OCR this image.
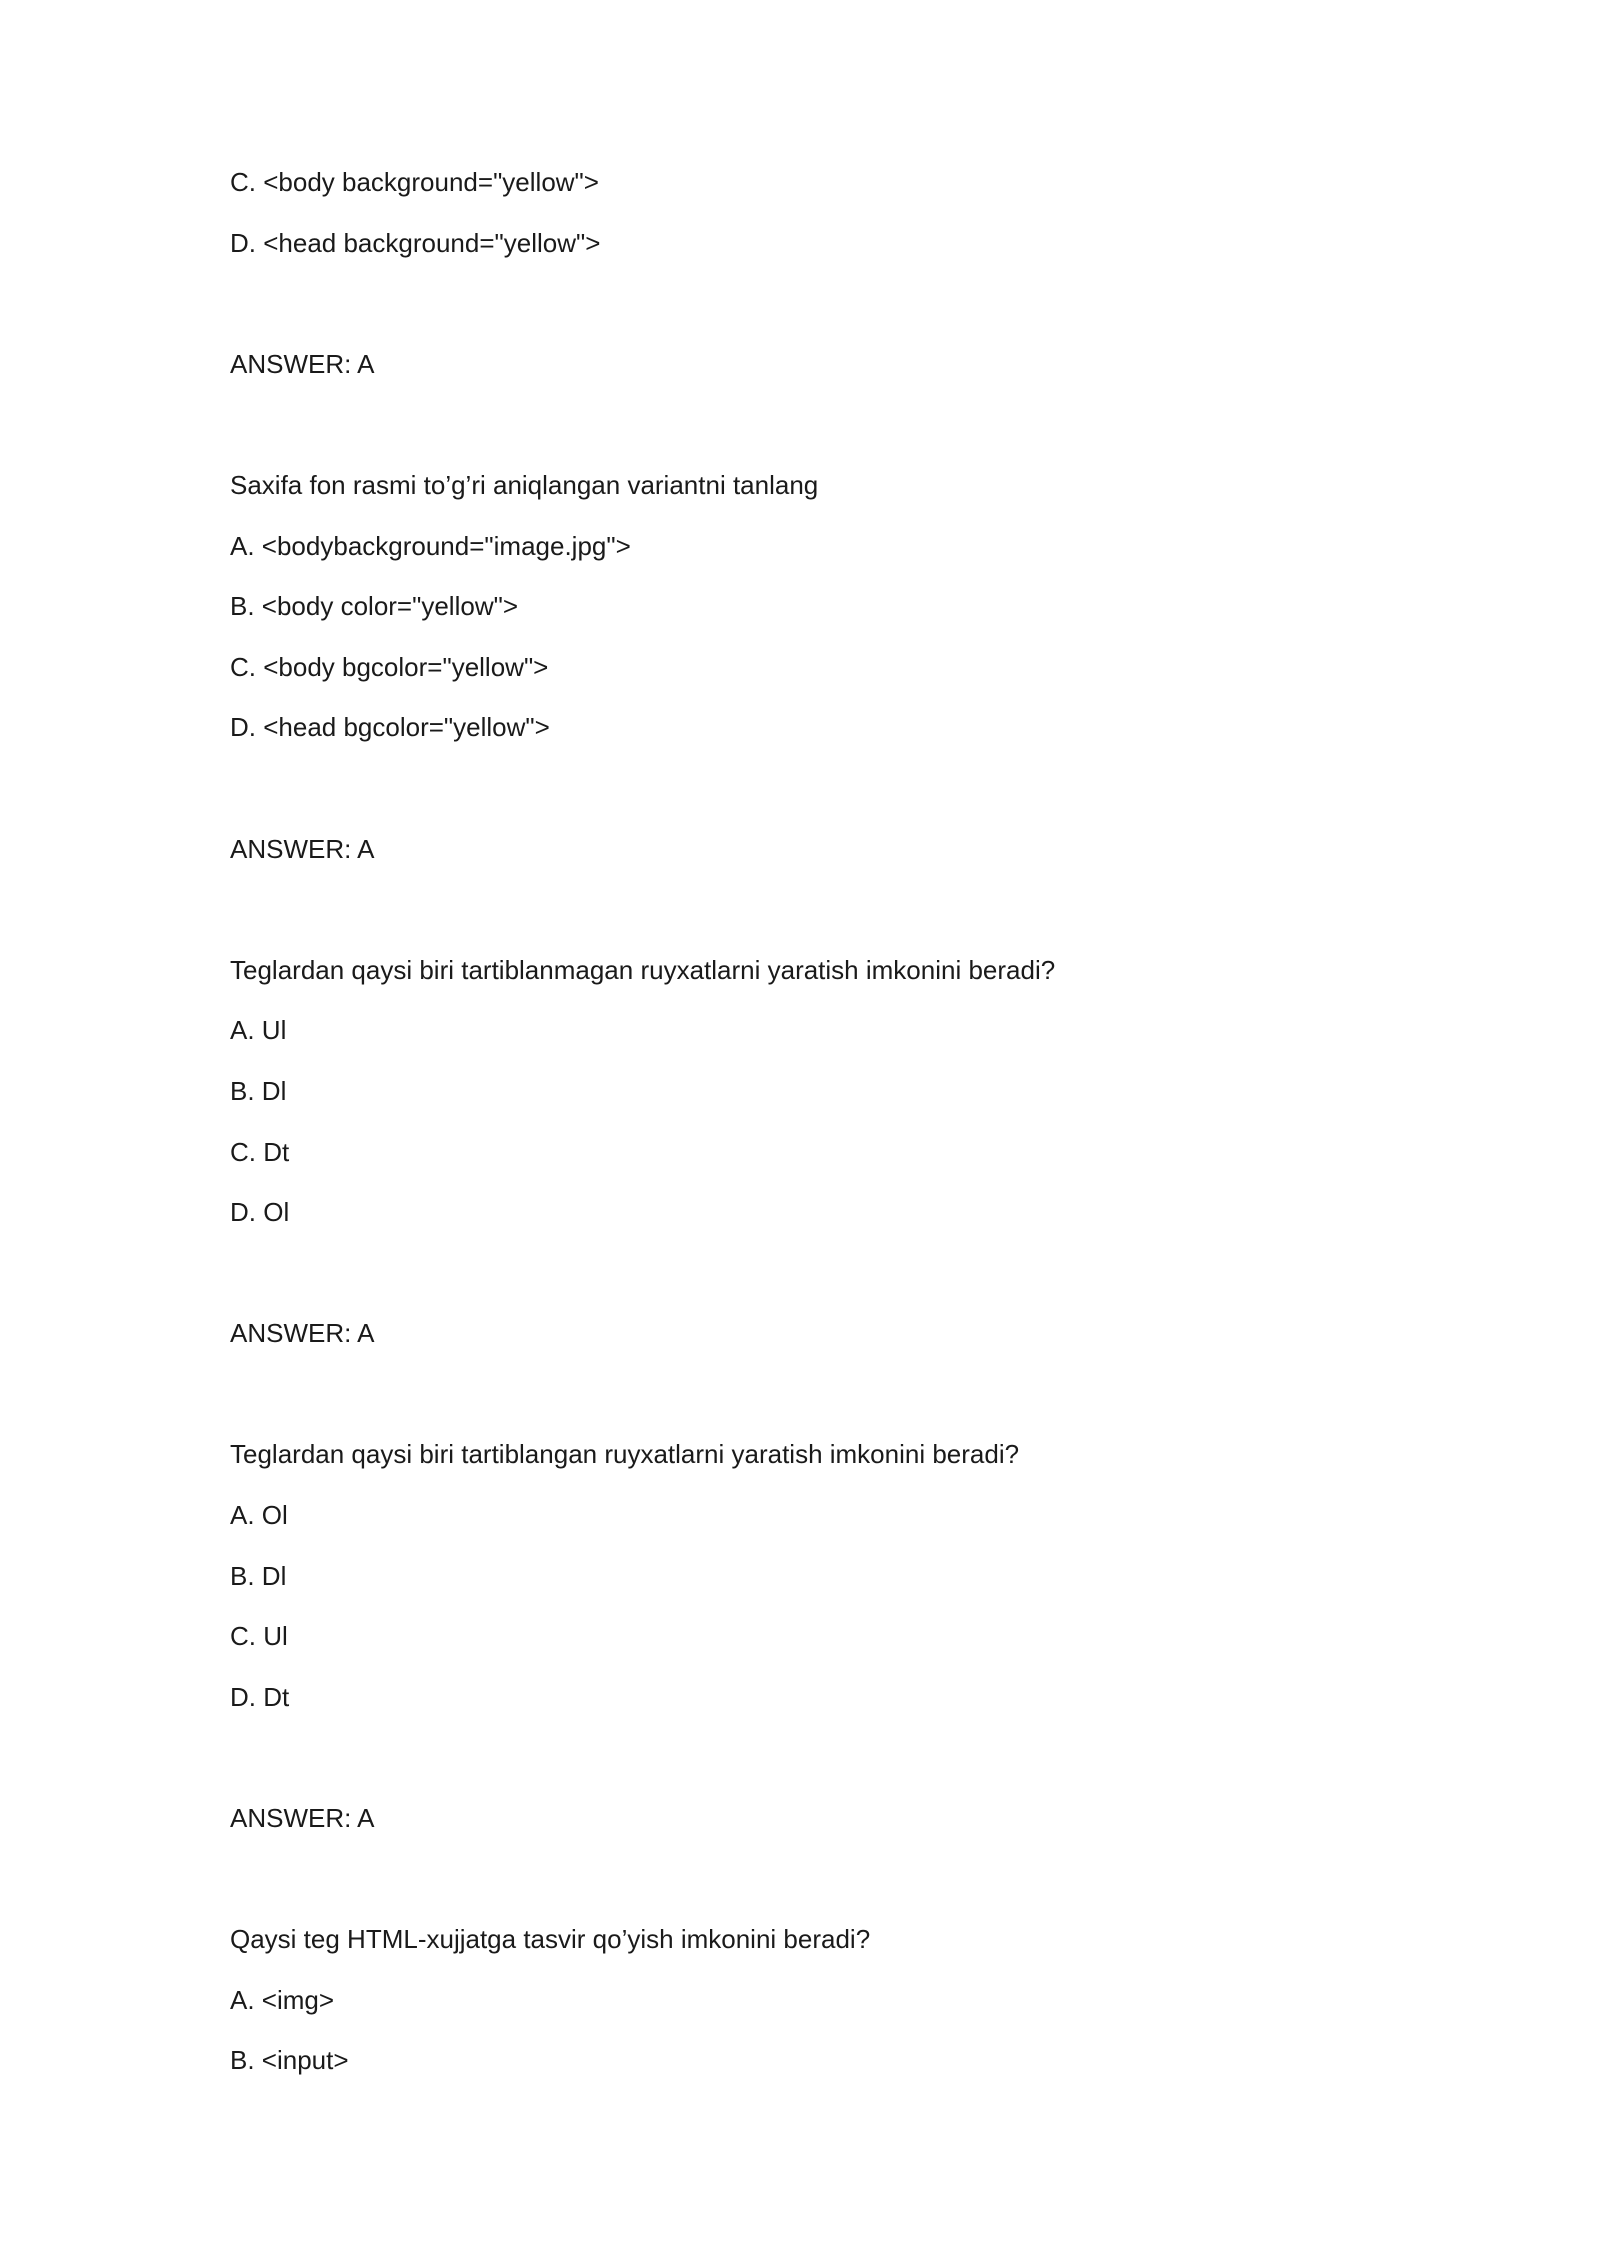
C. <body background="yellow">
D. <head background="yellow">
ANSWER: A
Saxifa fon rasmi to’g’ri aniqlangan variantni tanlang
A. <bodybackground="image.jpg">
B. <body color="yellow">
C. <body bgcolor="yellow">
D. <head bgcolor="yellow">
ANSWER: A
Teglardan qaysi biri tartiblanmagan ruyxatlarni yaratish imkonini beradi?
A. Ul
B. Dl
C. Dt
D. Ol
ANSWER: A
Teglardan qaysi biri tartiblangan ruyxatlarni yaratish imkonini beradi?
A. Ol
B. Dl
C. Ul
D. Dt
ANSWER: A
Qaysi teg HTML-xujjatga tasvir qo’yish imkonini beradi?
A. <img>
B. <input>
